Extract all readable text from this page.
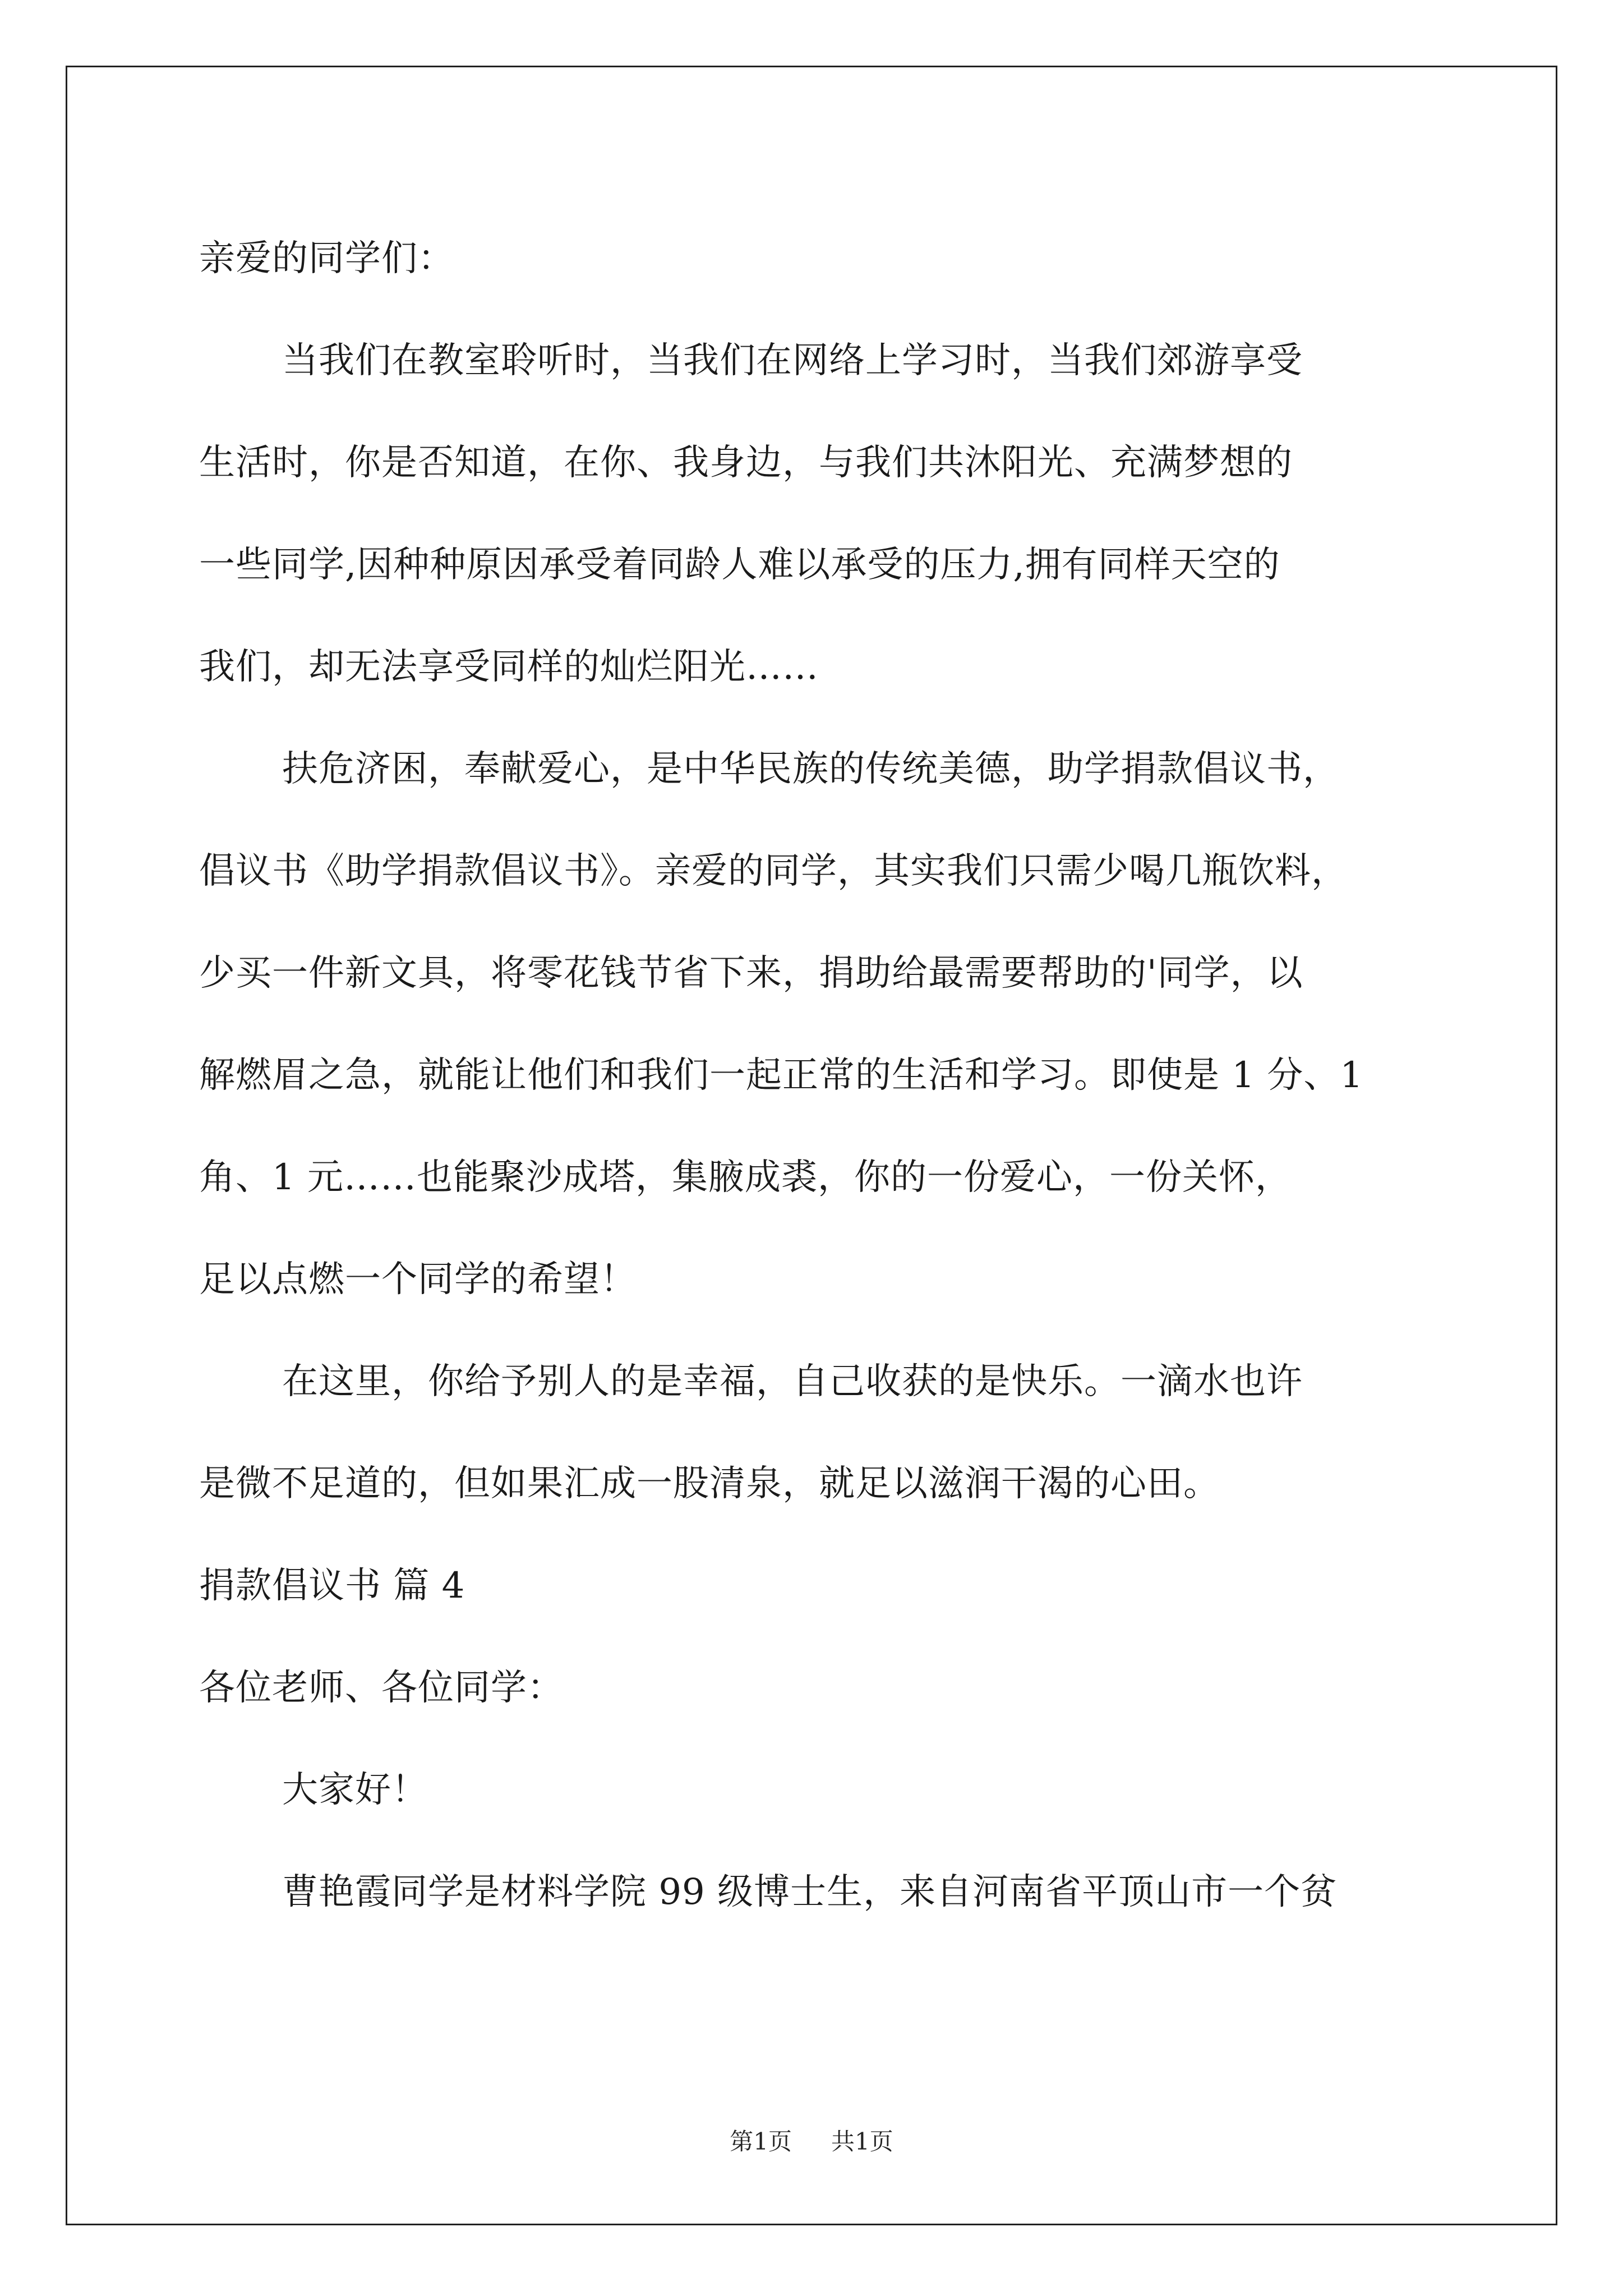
亲爱的同学们：

当我们在教室聆听时，当我们在网络上学习时，当我们郊游享受

生活时，你是否知道，在你、我身边，与我们共沐阳光、充满梦想的

一些同学,因种种原因承受着同龄人难以承受的压力,拥有同样天空的

我们，却无法享受同样的灿烂阳光……

扶危济困，奉献爱心，是中华民族的传统美德，助学捐款倡议书，

倡议书《助学捐款倡议书》。亲爱的同学，其实我们只需少喝几瓶饮料，

少买一件新文具，将零花钱节省下来，捐助给最需要帮助的'同学，以

解燃眉之急，就能让他们和我们一起正常的生活和学习。即使是 1 分、1

角、1 元……也能聚沙成塔，集腋成裘，你的一份爱心，一份关怀，

足以点燃一个同学的希望！

在这里，你给予别人的是幸福，自己收获的是快乐。一滴水也许

是微不足道的，但如果汇成一股清泉，就足以滋润干渴的心田。

捐款倡议书 篇 4

各位老师、各位同学：

大家好！

曹艳霞同学是材料学院 99 级博士生，来自河南省平顶山市一个贫

第1页 共1页
